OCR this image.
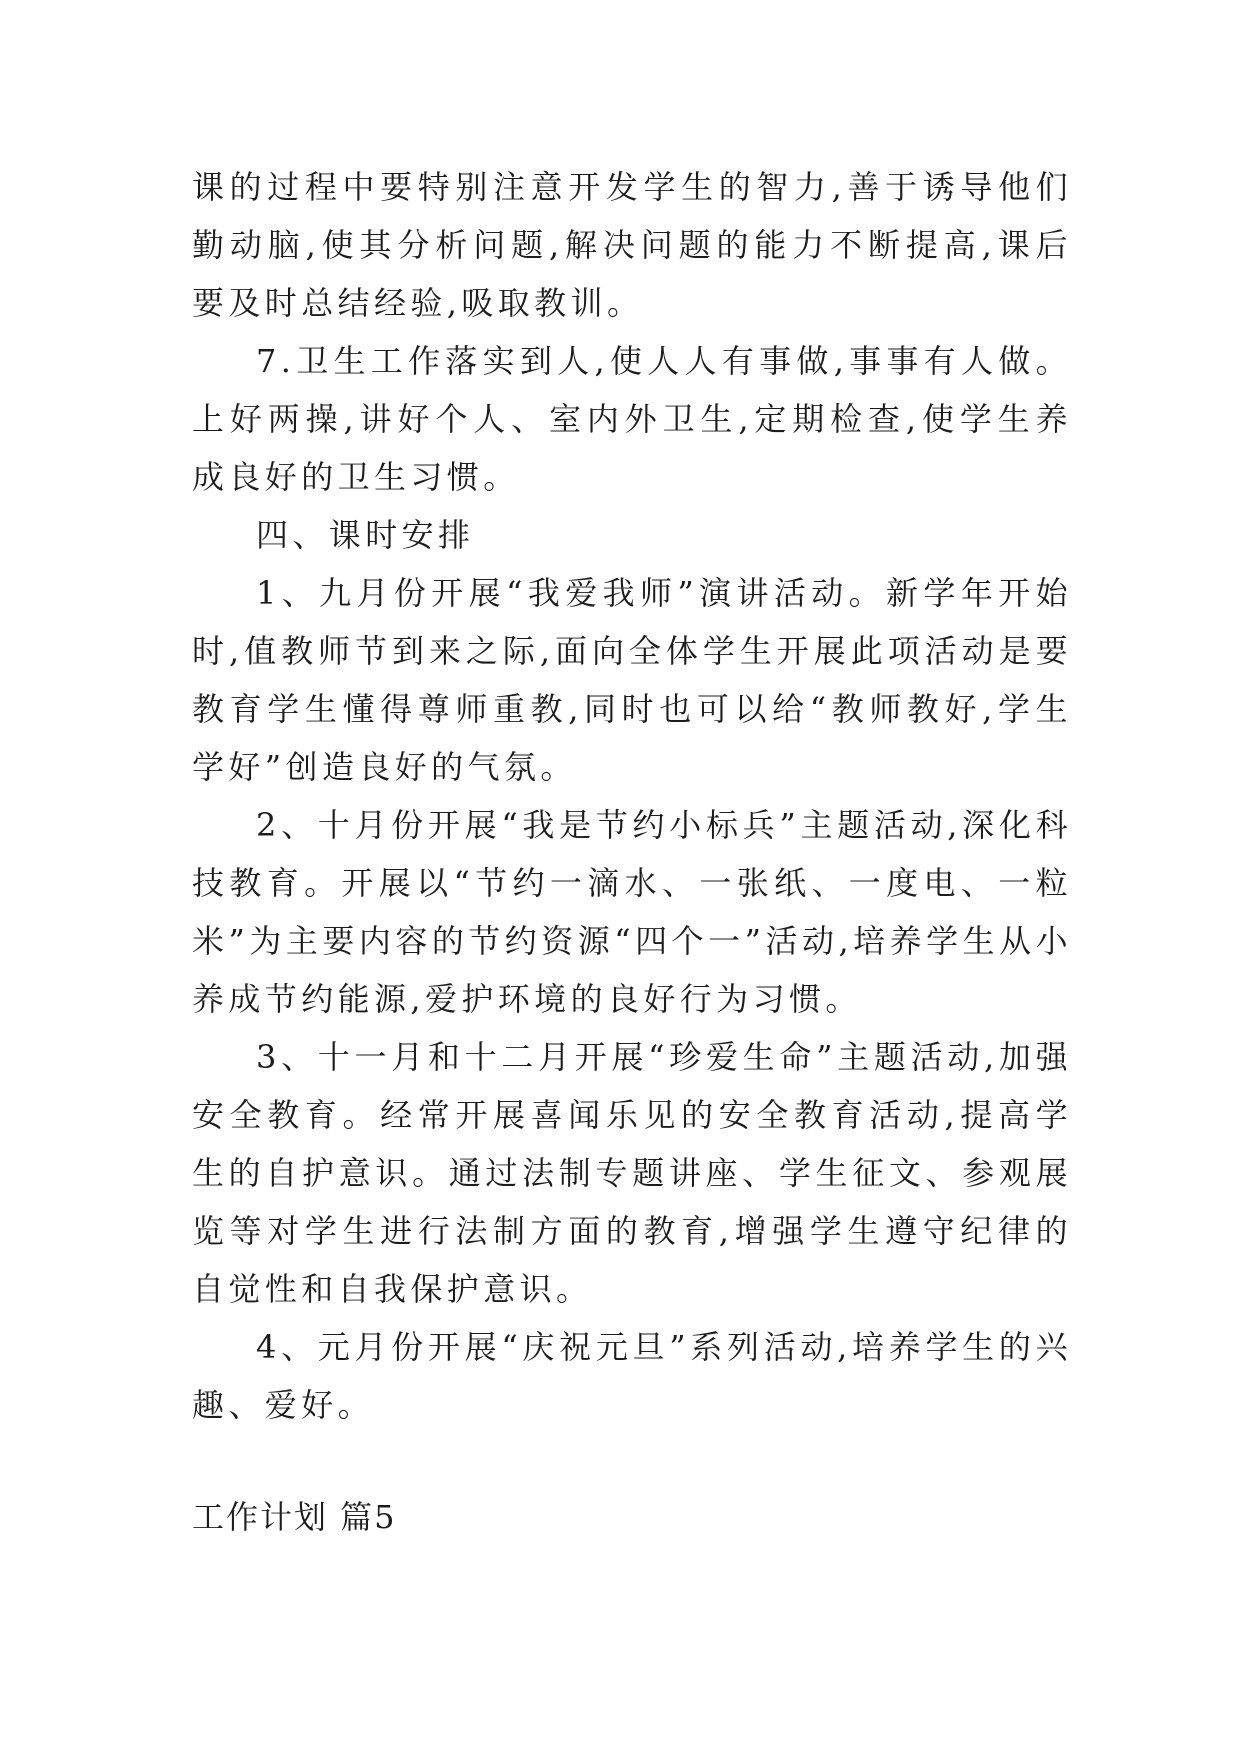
课的过程中要特别注意开发学生的智力,善于诱导他们勤动脑,使其分析问题,解决问题的能力不断提高,课后要及时总结经验,吸取教训。

7.卫生工作落实到人,使人人有事做,事事有人做。上好两操,讲好个人、室内外卫生,定期检查,使学生养成良好的卫生习惯。

四、课时安排

1、九月份开展“我爱我师”演讲活动。新学年开始时,值教师节到来之际,面向全体学生开展此项活动是要教育学生懂得尊师重教,同时也可以给“教师教好,学生学好”创造良好的气氛。

2、十月份开展“我是节约小标兵”主题活动,深化科技教育。开展以“节约一滴水、一张纸、一度电、一粒米”为主要内容的节约资源“四个一”活动,培养学生从小养成节约能源,爱护环境的良好行为习惯。

3、十一月和十二月开展“珍爱生命”主题活动,加强安全教育。经常开展喜闻乐见的安全教育活动,提高学生的自护意识。通过法制专题讲座、学生征文、参观展览等对学生进行法制方面的教育,增强学生遵守纪律的自觉性和自我保护意识。

4、元月份开展“庆祝元旦”系列活动,培养学生的兴趣、爱好。

工作计划 篇5
